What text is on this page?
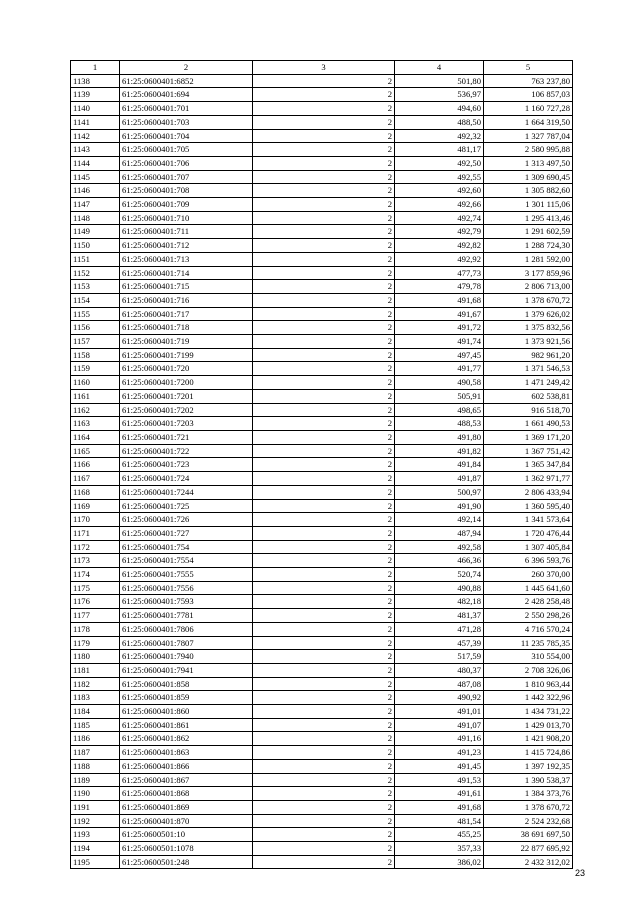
1	2	3	4	5
1138	61:25:0600401:6852	2	501,80	763 237,80
1139	61:25:0600401:694	2	536,97	106 857,03
1140	61:25:0600401:701	2	494,60	1 160 727,28
1141	61:25:0600401:703	2	488,50	1 664 319,50
1142	61:25:0600401:704	2	492,32	1 327 787,04
1143	61:25:0600401:705	2	481,17	2 580 995,88
1144	61:25:0600401:706	2	492,50	1 313 497,50
1145	61:25:0600401:707	2	492,55	1 309 690,45
1146	61:25:0600401:708	2	492,60	1 305 882,60
1147	61:25:0600401:709	2	492,66	1 301 115,06
1148	61:25:0600401:710	2	492,74	1 295 413,46
1149	61:25:0600401:711	2	492,79	1 291 602,59
1150	61:25:0600401:712	2	492,82	1 288 724,30
1151	61:25:0600401:713	2	492,92	1 281 592,00
1152	61:25:0600401:714	2	477,73	3 177 859,96
1153	61:25:0600401:715	2	479,78	2 806 713,00
1154	61:25:0600401:716	2	491,68	1 378 670,72
1155	61:25:0600401:717	2	491,67	1 379 626,02
1156	61:25:0600401:718	2	491,72	1 375 832,56
1157	61:25:0600401:719	2	491,74	1 373 921,56
1158	61:25:0600401:7199	2	497,45	982 961,20
1159	61:25:0600401:720	2	491,77	1 371 546,53
1160	61:25:0600401:7200	2	490,58	1 471 249,42
1161	61:25:0600401:7201	2	505,91	602 538,81
1162	61:25:0600401:7202	2	498,65	916 518,70
1163	61:25:0600401:7203	2	488,53	1 661 490,53
1164	61:25:0600401:721	2	491,80	1 369 171,20
1165	61:25:0600401:722	2	491,82	1 367 751,42
1166	61:25:0600401:723	2	491,84	1 365 347,84
1167	61:25:0600401:724	2	491,87	1 362 971,77
1168	61:25:0600401:7244	2	500,97	2 806 433,94
1169	61:25:0600401:725	2	491,90	1 360 595,40
1170	61:25:0600401:726	2	492,14	1 341 573,64
1171	61:25:0600401:727	2	487,94	1 720 476,44
1172	61:25:0600401:754	2	492,58	1 307 405,84
1173	61:25:0600401:7554	2	466,36	6 396 593,76
1174	61:25:0600401:7555	2	520,74	260 370,00
1175	61:25:0600401:7556	2	490,88	1 445 641,60
1176	61:25:0600401:7593	2	482,18	2 428 258,48
1177	61:25:0600401:7781	2	481,37	2 550 298,26
1178	61:25:0600401:7806	2	471,28	4 716 570,24
1179	61:25:0600401:7807	2	457,39	11 235 785,35
1180	61:25:0600401:7940	2	517,59	310 554,00
1181	61:25:0600401:7941	2	480,37	2 708 326,06
1182	61:25:0600401:858	2	487,08	1 810 963,44
1183	61:25:0600401:859	2	490,92	1 442 322,96
1184	61:25:0600401:860	2	491,01	1 434 731,22
1185	61:25:0600401:861	2	491,07	1 429 013,70
1186	61:25:0600401:862	2	491,16	1 421 908,20
1187	61:25:0600401:863	2	491,23	1 415 724,86
1188	61:25:0600401:866	2	491,45	1 397 192,35
1189	61:25:0600401:867	2	491,53	1 390 538,37
1190	61:25:0600401:868	2	491,61	1 384 373,76
1191	61:25:0600401:869	2	491,68	1 378 670,72
1192	61:25:0600401:870	2	481,54	2 524 232,68
1193	61:25:0600501:10	2	455,25	38 691 697,50
1194	61:25:0600501:1078	2	357,33	22 877 695,92
1195	61:25:0600501:248	2	386,02	2 432 312,02
23
